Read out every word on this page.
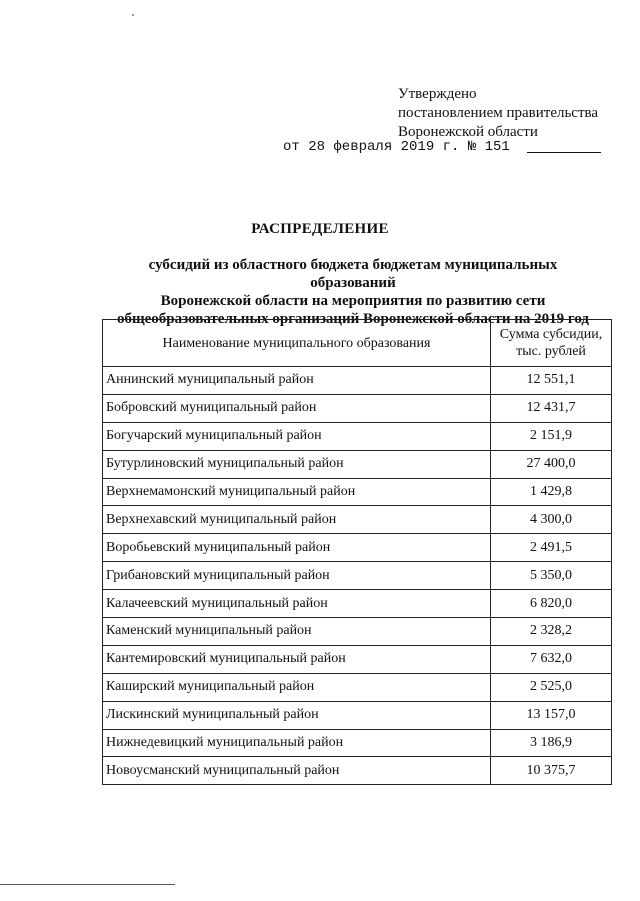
Утверждено
постановлением правительства
Воронежской области
от 28 февраля 2019 г. № 151
РАСПРЕДЕЛЕНИЕ
субсидий из областного бюджета бюджетам муниципальных образований
Воронежской области на мероприятия по развитию сети
общеобразовательных организаций Воронежской области на 2019 год
Наименование муниципального образования	Сумма субсидии,
тыс. рублей

Аннинский муниципальный район	12 551,1
Бобровский муниципальный район	12 431,7
Богучарский муниципальный район	2 151,9
Бутурлиновский муниципальный район	27 400,0
Верхнемамонский муниципальный район	1 429,8
Верхнехавский муниципальный район	4 300,0
Воробьевский муниципальный район	2 491,5
Грибановский муниципальный район	5 350,0
Калачеевский муниципальный район	6 820,0
Каменский муниципальный район	2 328,2
Кантемировский муниципальный район	7 632,0
Каширский муниципальный район	2 525,0
Лискинский муниципальный район	13 157,0
Нижнедевицкий муниципальный район	3 186,9
Новоусманский муниципальный район	10 375,7
